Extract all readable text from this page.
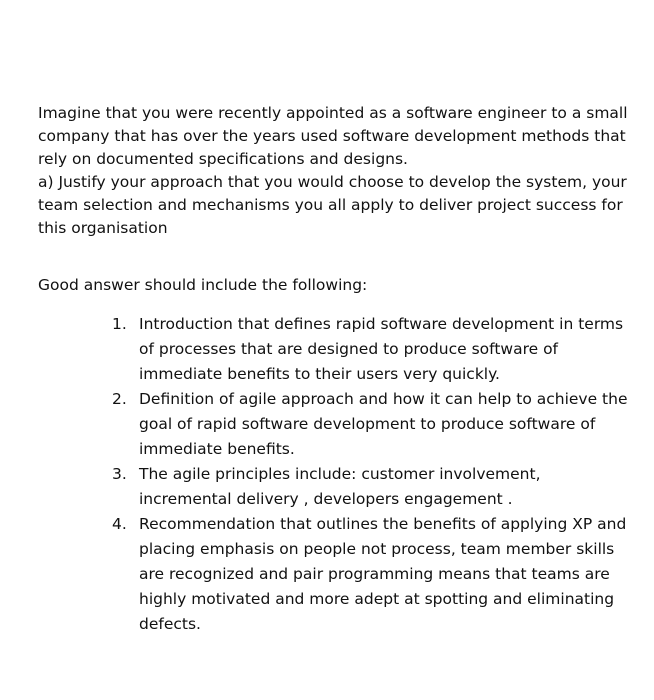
Imagine that you were recently appointed as a software engineer to a small company that has over the years used software development methods that rely on documented specifications and designs.

a) Justify your approach that you would choose to develop the system, your team selection and mechanisms you all apply to deliver project success for this organisation

Good answer should include the following:

1. Introduction that defines rapid software development in terms of processes that are designed to produce software of immediate benefits to their users very quickly.
2. Definition of agile approach and how it can help to achieve the goal of rapid software development to produce software of immediate benefits.
3. The agile principles include: customer involvement, incremental delivery , developers engagement .
4. Recommendation that outlines the benefits of applying XP and placing emphasis on people not process, team member skills are recognized and pair programming means that teams are highly motivated and more adept at spotting and eliminating defects.
